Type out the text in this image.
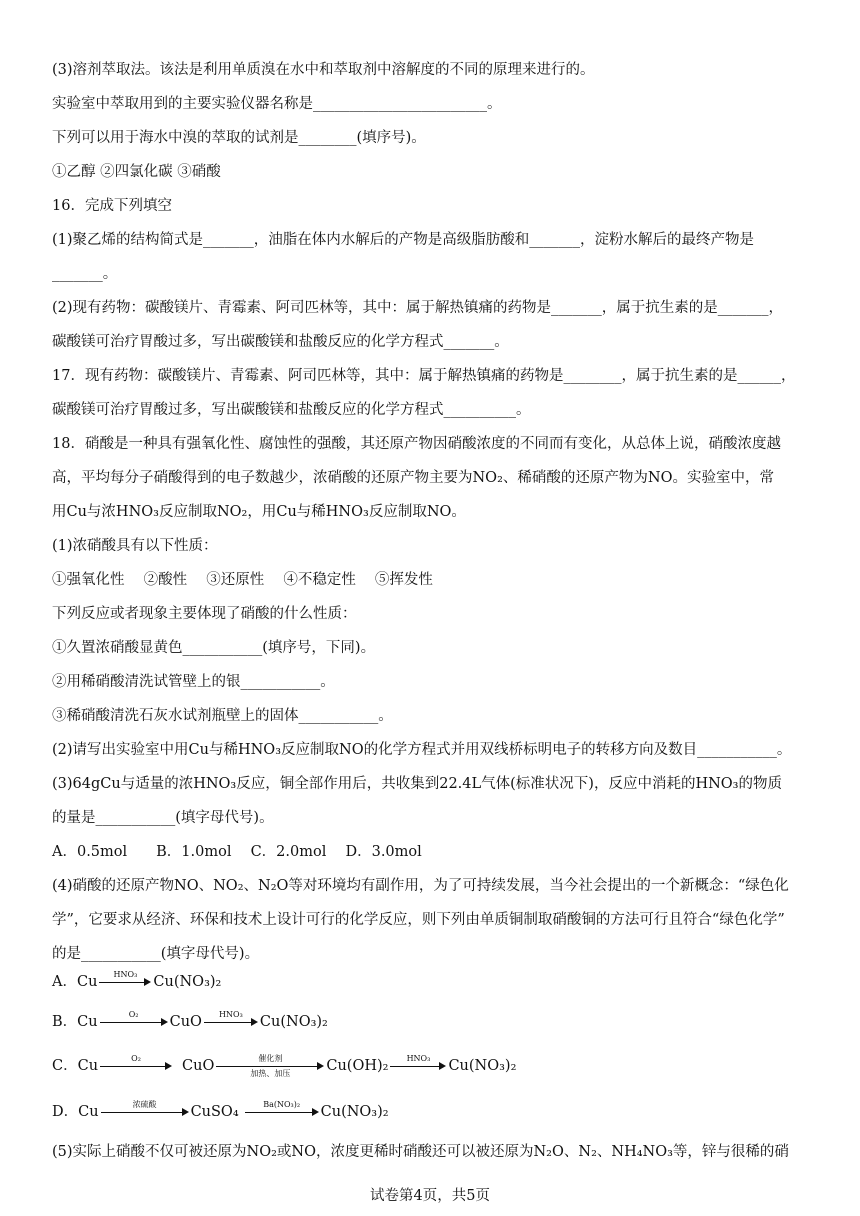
(3)溶剂萃取法。该法是利用单质溴在水中和萃取剂中溶解度的不同的原理来进行的。
实验室中萃取用到的主要实验仪器名称是________________________。
下列可以用于海水中溴的萃取的试剂是________(填序号)。
①乙醇 ②四氯化碳 ③硝酸
16．完成下列填空
(1)聚乙烯的结构简式是_______，油脂在体内水解后的产物是高级脂肪酸和_______，淀粉水解后的最终产物是
_______。
(2)现有药物：碳酸镁片、青霉素、阿司匹林等，其中：属于解热镇痛的药物是_______，属于抗生素的是_______，
碳酸镁可治疗胃酸过多，写出碳酸镁和盐酸反应的化学方程式_______。
17．现有药物：碳酸镁片、青霉素、阿司匹林等，其中：属于解热镇痛的药物是________，属于抗生素的是______，
碳酸镁可治疗胃酸过多，写出碳酸镁和盐酸反应的化学方程式__________。
18．硝酸是一种具有强氧化性、腐蚀性的强酸，其还原产物因硝酸浓度的不同而有变化，从总体上说，硝酸浓度越
高，平均每分子硝酸得到的电子数越少，浓硝酸的还原产物主要为NO₂、稀硝酸的还原产物为NO。实验室中，常
用Cu与浓HNO₃反应制取NO₂，用Cu与稀HNO₃反应制取NO。
(1)浓硝酸具有以下性质：
①强氧化性　 ②酸性　 ③还原性　 ④不稳定性　 ⑤挥发性
下列反应或者现象主要体现了硝酸的什么性质：
①久置浓硝酸显黄色___________(填序号，下同)。
②用稀硝酸清洗试管壁上的银___________。
③稀硝酸清洗石灰水试剂瓶壁上的固体___________。
(2)请写出实验室中用Cu与稀HNO₃反应制取NO的化学方程式并用双线桥标明电子的转移方向及数目___________。
(3)64gCu与适量的浓HNO₃反应，铜全部作用后，共收集到22.4L气体(标准状况下)，反应中消耗的HNO₃的物质
的量是___________(填字母代号)。
A．0.5mol　　B．1.0mol　 C．2.0mol　 D．3.0mol
(4)硝酸的还原产物NO、NO₂、N₂O等对环境均有副作用，为了可持续发展，当今社会提出的一个新概念：“绿色化
学”，它要求从经济、环保和技术上设计可行的化学反应，则下列由单质铜制取硝酸铜的方法可行且符合“绿色化学”
的是___________(填字母代号)。
A．Cu	HNO₃	Cu(NO₃)₂
B．Cu	O₂	CuO	HNO₃	Cu(NO₃)₂
C．Cu	O₂	CuO	催化剂
加热、加压	Cu(OH)₂	HNO₃	Cu(NO₃)₂
D．Cu	浓硫酸	CuSO₄	Ba(NO₃)₂	Cu(NO₃)₂
(5)实际上硝酸不仅可被还原为NO₂或NO，浓度更稀时硝酸还可以被还原为N₂O、N₂、NH₄NO₃等，锌与很稀的硝
试卷第4页，共5页
